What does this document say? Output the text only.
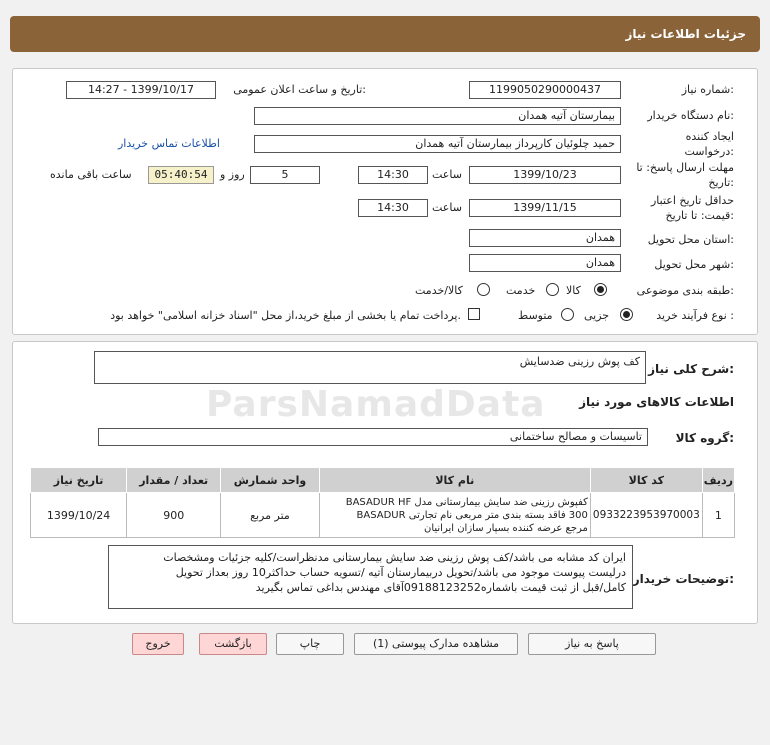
جزئیات اطلاعات نیاز
شماره نیاز:
1199050290000437
تاریخ و ساعت اعلان عمومی:
1399/10/17 - 14:27
نام دستگاه خریدار:
بیمارستان آتیه همدان
ایجاد کننده درخواست:
حمید چلوئیان کارپرداز بیمارستان آتیه همدان
اطلاعات تماس خریدار
مهلت ارسال پاسخ: تا تاریخ:
1399/10/23
ساعت
14:30
5
روز و
05:40:54
ساعت باقی مانده
حداقل تاریخ اعتبار قیمت: تا تاریخ:
1399/11/15
ساعت
14:30
استان محل تحویل:
همدان
شهر محل تحویل:
همدان
طبقه بندی موضوعی:
کالا
خدمت
کالا/خدمت
نوع فرآیند خرید :
جزیی
متوسط
پرداخت تمام یا بخشی از مبلغ خرید،از محل "اسناد خزانه اسلامی" خواهد بود.
شرح کلی نیاز:
کف پوش رزینی ضدسایش
اطلاعات کالاهای مورد نیاز
گروه کالا:
تاسیسات و مصالح ساختمانی
ردیف	کد کالا	نام کالا	واحد شمارش	تعداد / مقدار	تاریخ نیاز
1	0933223953970003	کفپوش رزینی ضد سایش بیمارستانی مدل BASADUR HF
300 فاقد بسته بندی متر مربعی نام تجارتی BASADUR
مرجع عرضه کننده بسپار سازان ایرانیان	متر مربع	900	1399/10/24
توضیحات خریدار:
ایران کد مشابه می باشد/کف پوش رزینی ضد سایش بیمارستانی مدنظراست/کلیه جزئیات ومشخصات
درلیست پیوست موجود می باشد/تحویل دربیمارستان آتیه /تسویه حساب حداکثر10 روز بعداز تحویل
کامل/قبل از ثبت قیمت باشماره09188123252آقای مهندس بداغی تماس بگیرید
پاسخ به نیاز
مشاهده مدارک پیوستی (1)
چاپ
بازگشت
خروج
